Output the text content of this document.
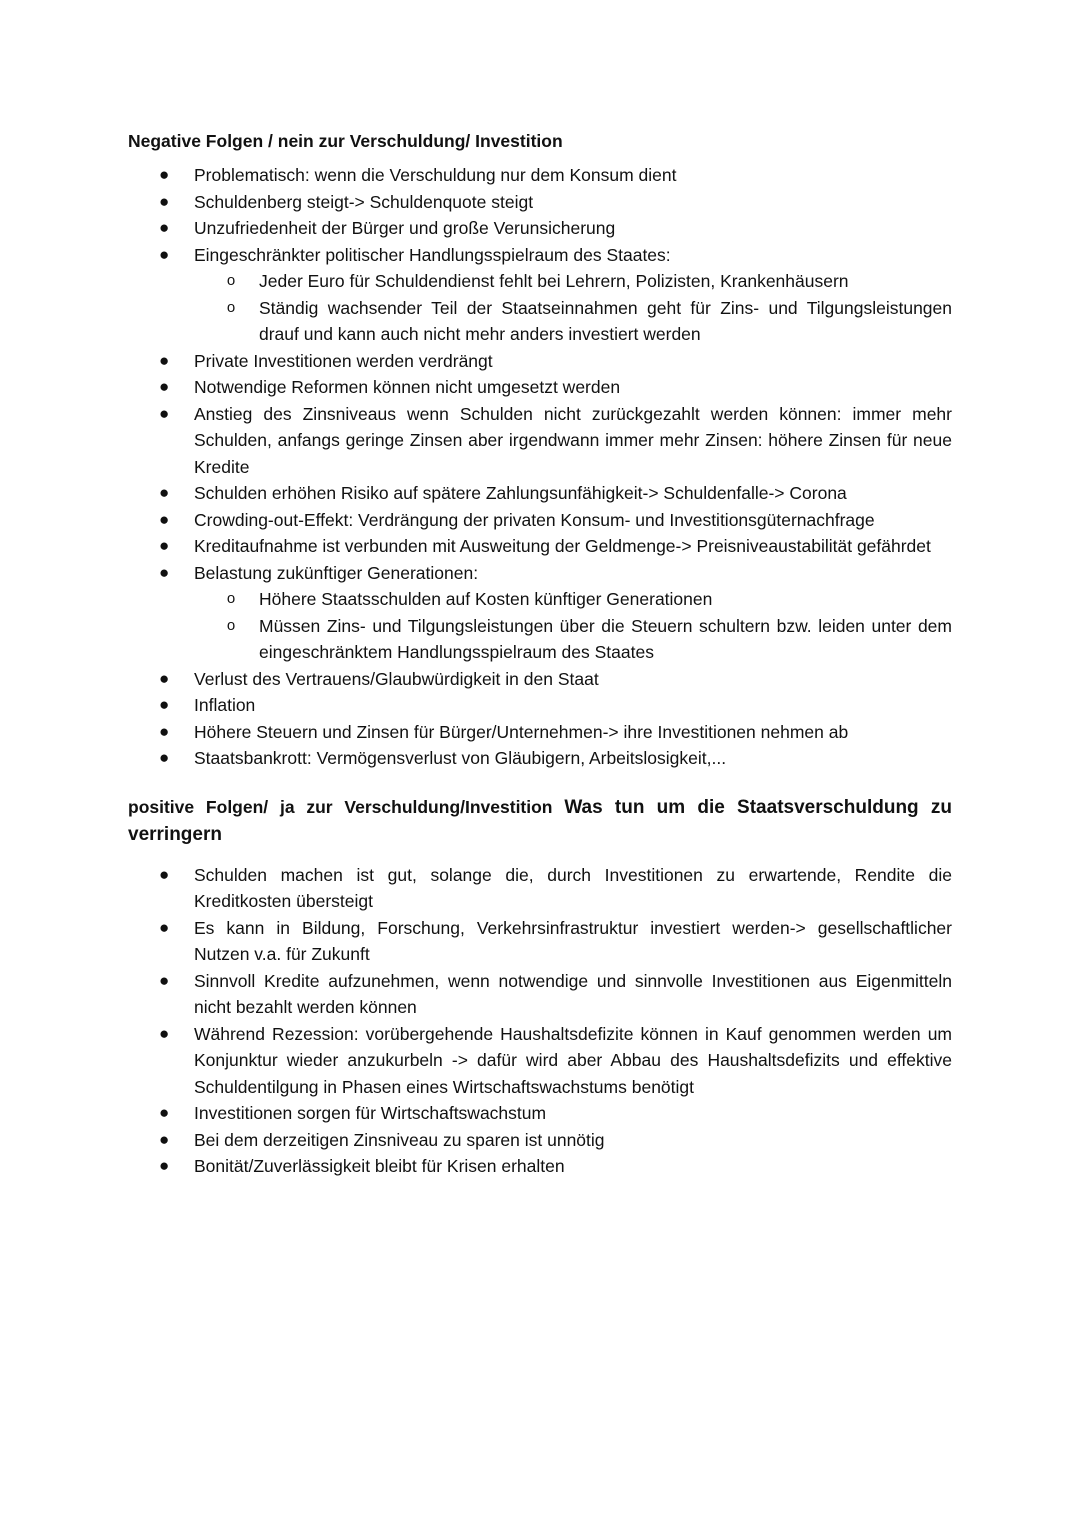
Negative Folgen / nein zur Verschuldung/ Investition
● Problematisch: wenn die Verschuldung nur dem Konsum dient
● Schuldenberg steigt-> Schuldenquote steigt
● Unzufriedenheit der Bürger und große Verunsicherung
● Eingeschränkter politischer Handlungsspielraum des Staates:
o Jeder Euro für Schuldendienst fehlt bei Lehrern, Polizisten, Krankenhäusern
o Ständig wachsender Teil der Staatseinnahmen geht für Zins- und Tilgungsleistungen drauf und kann auch nicht mehr anders investiert werden
● Private Investitionen werden verdrängt
● Notwendige Reformen können nicht umgesetzt werden
● Anstieg des Zinsniveaus wenn Schulden nicht zurückgezahlt werden können: immer mehr Schulden, anfangs geringe Zinsen aber irgendwann immer mehr Zinsen: höhere Zinsen für neue Kredite
● Schulden erhöhen Risiko auf spätere Zahlungsunfähigkeit-> Schuldenfalle-> Corona
● Crowding-out-Effekt: Verdrängung der privaten Konsum- und Investitionsgüternachfrage
● Kreditaufnahme ist verbunden mit Ausweitung der Geldmenge-> Preisniveaustabilität gefährdet
● Belastung zukünftiger Generationen:
o Höhere Staatsschulden auf Kosten künftiger Generationen
o Müssen Zins- und Tilgungsleistungen über die Steuern schultern bzw. leiden unter dem eingeschränktem Handlungsspielraum des Staates
● Verlust des Vertrauens/Glaubwürdigkeit in den Staat
● Inflation
● Höhere Steuern und Zinsen für Bürger/Unternehmen-> ihre Investitionen nehmen ab
● Staatsbankrott: Vermögensverlust von Gläubigern, Arbeitslosigkeit,...
positive Folgen/ ja zur Verschuldung/Investition Was tun um die Staatsverschuldung zu verringern
● Schulden machen ist gut, solange die, durch Investitionen zu erwartende, Rendite die Kreditkosten übersteigt
● Es kann in Bildung, Forschung, Verkehrsinfrastruktur investiert werden-> gesellschaftlicher Nutzen v.a. für Zukunft
● Sinnvoll Kredite aufzunehmen, wenn notwendige und sinnvolle Investitionen aus Eigenmitteln nicht bezahlt werden können
● Während Rezession: vorübergehende Haushaltsdefizite können in Kauf genommen werden um Konjunktur wieder anzukurbeln -> dafür wird aber Abbau des Haushaltsdefizits und effektive Schuldentilgung in Phasen eines Wirtschaftswachstums benötigt
● Investitionen sorgen für Wirtschaftswachstum
● Bei dem derzeitigen Zinsniveau zu sparen ist unnötig
● Bonität/Zuverlässigkeit bleibt für Krisen erhalten
